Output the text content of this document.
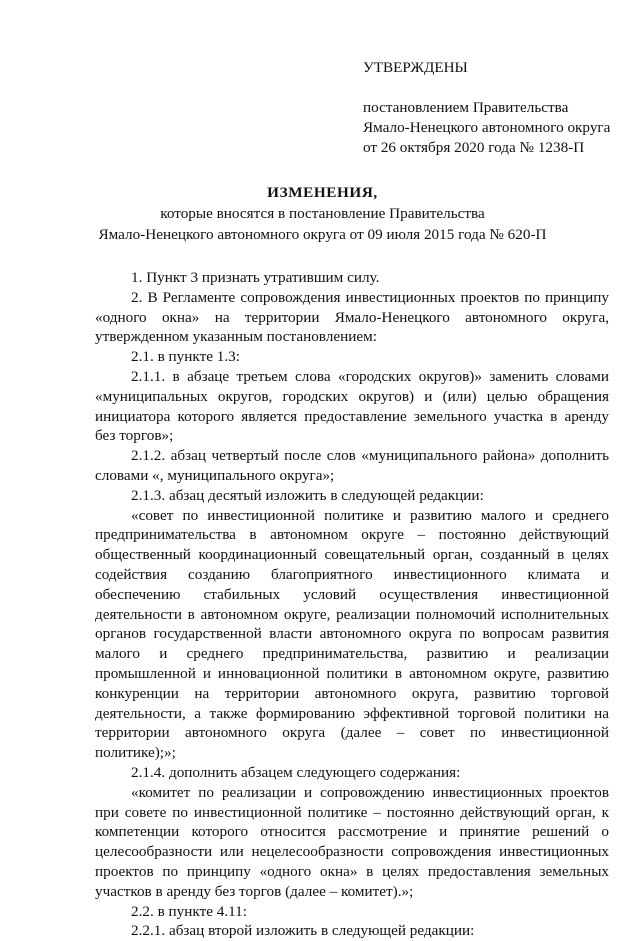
УТВЕРЖДЕНЫ
постановлением Правительства
Ямало-Ненецкого автономного округа
от 26 октября 2020 года № 1238-П
ИЗМЕНЕНИЯ,
которые вносятся в постановление Правительства
Ямало-Ненецкого автономного округа от 09 июля 2015 года № 620-П

1. Пункт 3 признать утратившим силу.

2. В Регламенте сопровождения инвестиционных проектов по принципу «одного окна» на территории Ямало-Ненецкого автономного округа, утвержденном указанным постановлением:

2.1. в пункте 1.3:

2.1.1. в абзаце третьем слова «городских округов)» заменить словами «муниципальных округов, городских округов) и (или) целью обращения инициатора которого является предоставление земельного участка в аренду без торгов»;

2.1.2. абзац четвертый после слов «муниципального района» дополнить словами «, муниципального округа»;

2.1.3. абзац десятый изложить в следующей редакции:

«совет по инвестиционной политике и развитию малого и среднего предпринимательства в автономном округе – постоянно действующий общественный координационный совещательный орган, созданный в целях содействия созданию благоприятного инвестиционного климата и обеспечению стабильных условий осуществления инвестиционной деятельности в автономном округе, реализации полномочий исполнительных органов государственной власти автономного округа по вопросам развития малого и среднего предпринимательства, развитию и реализации промышленной и инновационной политики в автономном округе, развитию конкуренции на территории автономного округа, развитию торговой деятельности, а также формированию эффективной торговой политики на территории автономного округа (далее – совет по инвестиционной политике);»;

2.1.4. дополнить абзацем следующего содержания:

«комитет по реализации и сопровождению инвестиционных проектов при совете по инвестиционной политике – постоянно действующий орган, к компетенции которого относится рассмотрение и принятие решений о целесообразности или нецелесообразности сопровождения инвестиционных проектов по принципу «одного окна» в целях предоставления земельных участков в аренду без торгов (далее – комитет).»;

2.2. в пункте 4.11:

2.2.1. абзац второй изложить в следующей редакции:
